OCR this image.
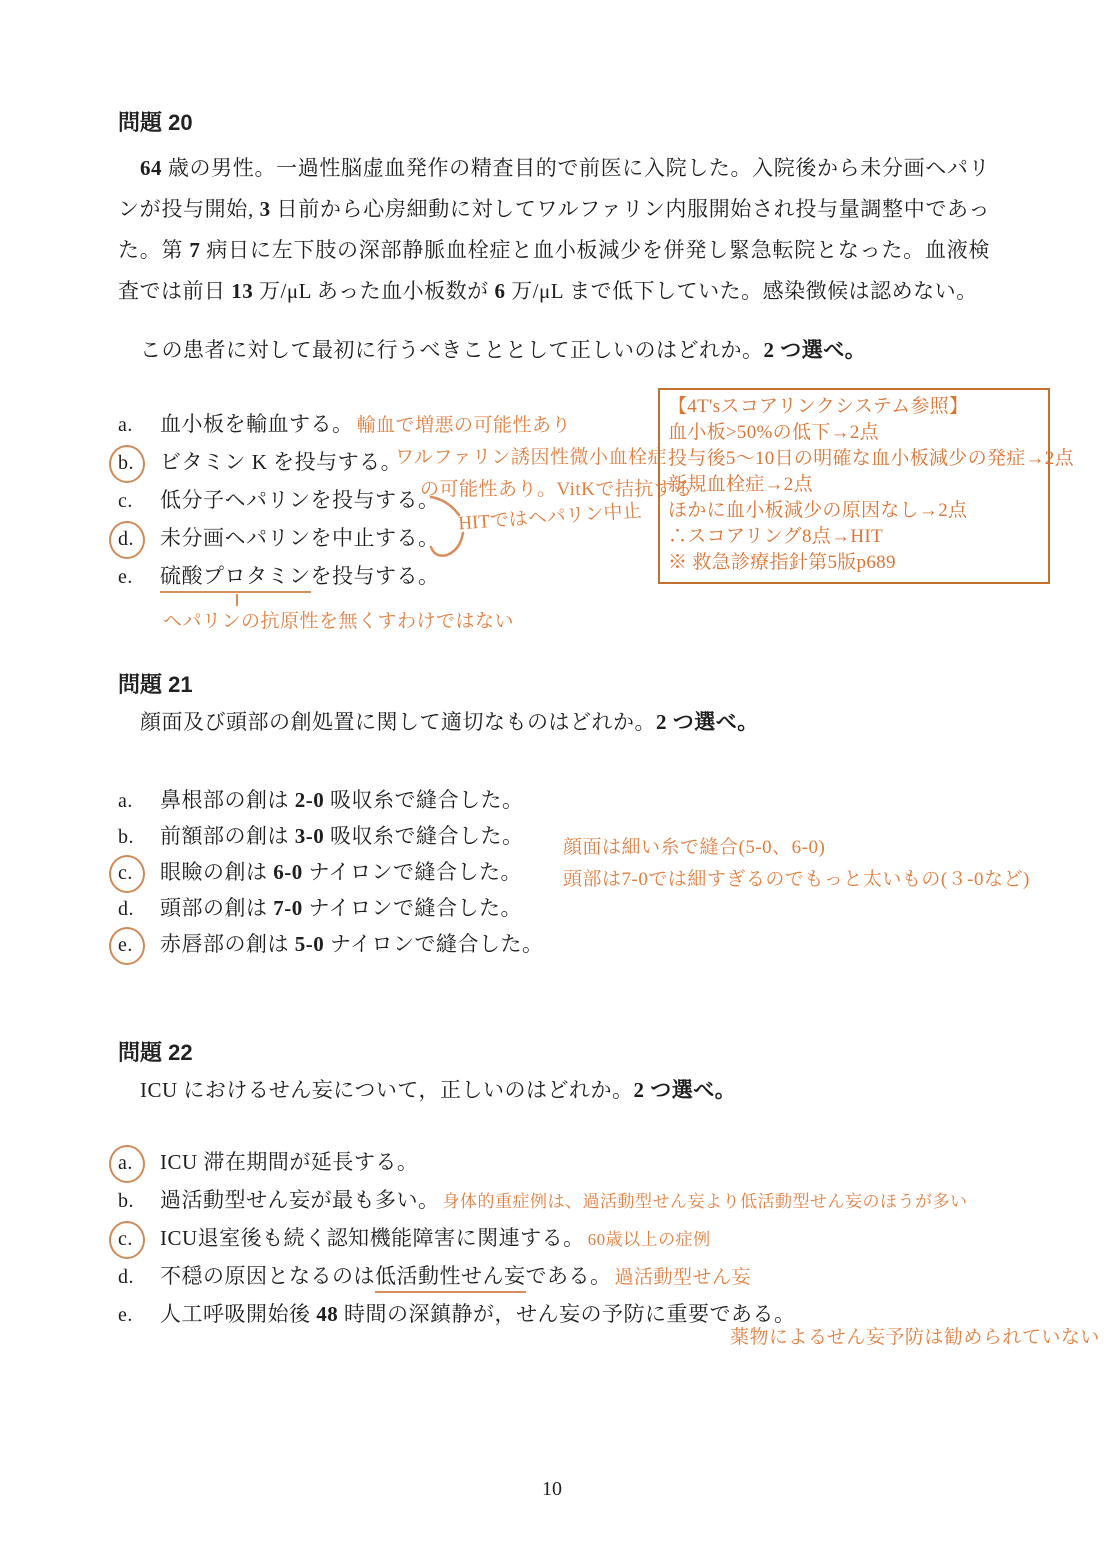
問題 20
64 歳の男性。一過性脳虚血発作の精査目的で前医に入院した。入院後から未分画ヘパリンが投与開始, 3 日前から心房細動に対してワルファリン内服開始され投与量調整中であった。第 7 病日に左下肢の深部静脈血栓症と血小板減少を併発し緊急転院となった。血液検査では前日 13 万/μL あった血小板数が 6 万/μL まで低下していた。感染徴候は認めない。
この患者に対して最初に行うべきこととして正しいのはどれか。2 つ選べ。
a. 血小板を輸血する。 輸血で増悪の可能性あり
b. ビタミン K を投与する。
ワルファリン誘因性微小血栓症
の可能性あり。VitKで拮抗する
c. 低分子ヘパリンを投与する。
d. 未分画ヘパリンを中止する。
e. 硫酸プロタミンを投与する。
HITではヘパリン中止
ヘパリンの抗原性を無くすわけではない
【4T'sスコアリンクシステム参照】
血小板>50%の低下→2点
投与後5〜10日の明確な血小板減少の発症→2点
新規血栓症→2点
ほかに血小板減少の原因なし→2点
∴スコアリング8点→HIT
※ 救急診療指針第5版p689
問題 21
顔面及び頭部の創処置に関して適切なものはどれか。2 つ選べ。
a. 鼻根部の創は 2-0 吸収糸で縫合した。
b. 前額部の創は 3-0 吸収糸で縫合した。
c. 眼瞼の創は 6-0 ナイロンで縫合した。
d. 頭部の創は 7-0 ナイロンで縫合した。
e. 赤唇部の創は 5-0 ナイロンで縫合した。
顔面は細い糸で縫合(5-0、6-0)
頭部は7-0では細すぎるのでもっと太いもの(３-0など)
問題 22
ICU におけるせん妄について，正しいのはどれか。2 つ選べ。
a. ICU 滞在期間が延長する。
b. 過活動型せん妄が最も多い。 身体的重症例は、過活動型せん妄より低活動型せん妄のほうが多い
c. ICU退室後も続く認知機能障害に関連する。 60歳以上の症例
d. 不穏の原因となるのは低活動性せん妄である。 過活動型せん妄
e. 人工呼吸開始後 48 時間の深鎮静が，せん妄の予防に重要である。
薬物によるせん妄予防は勧められていない
10
